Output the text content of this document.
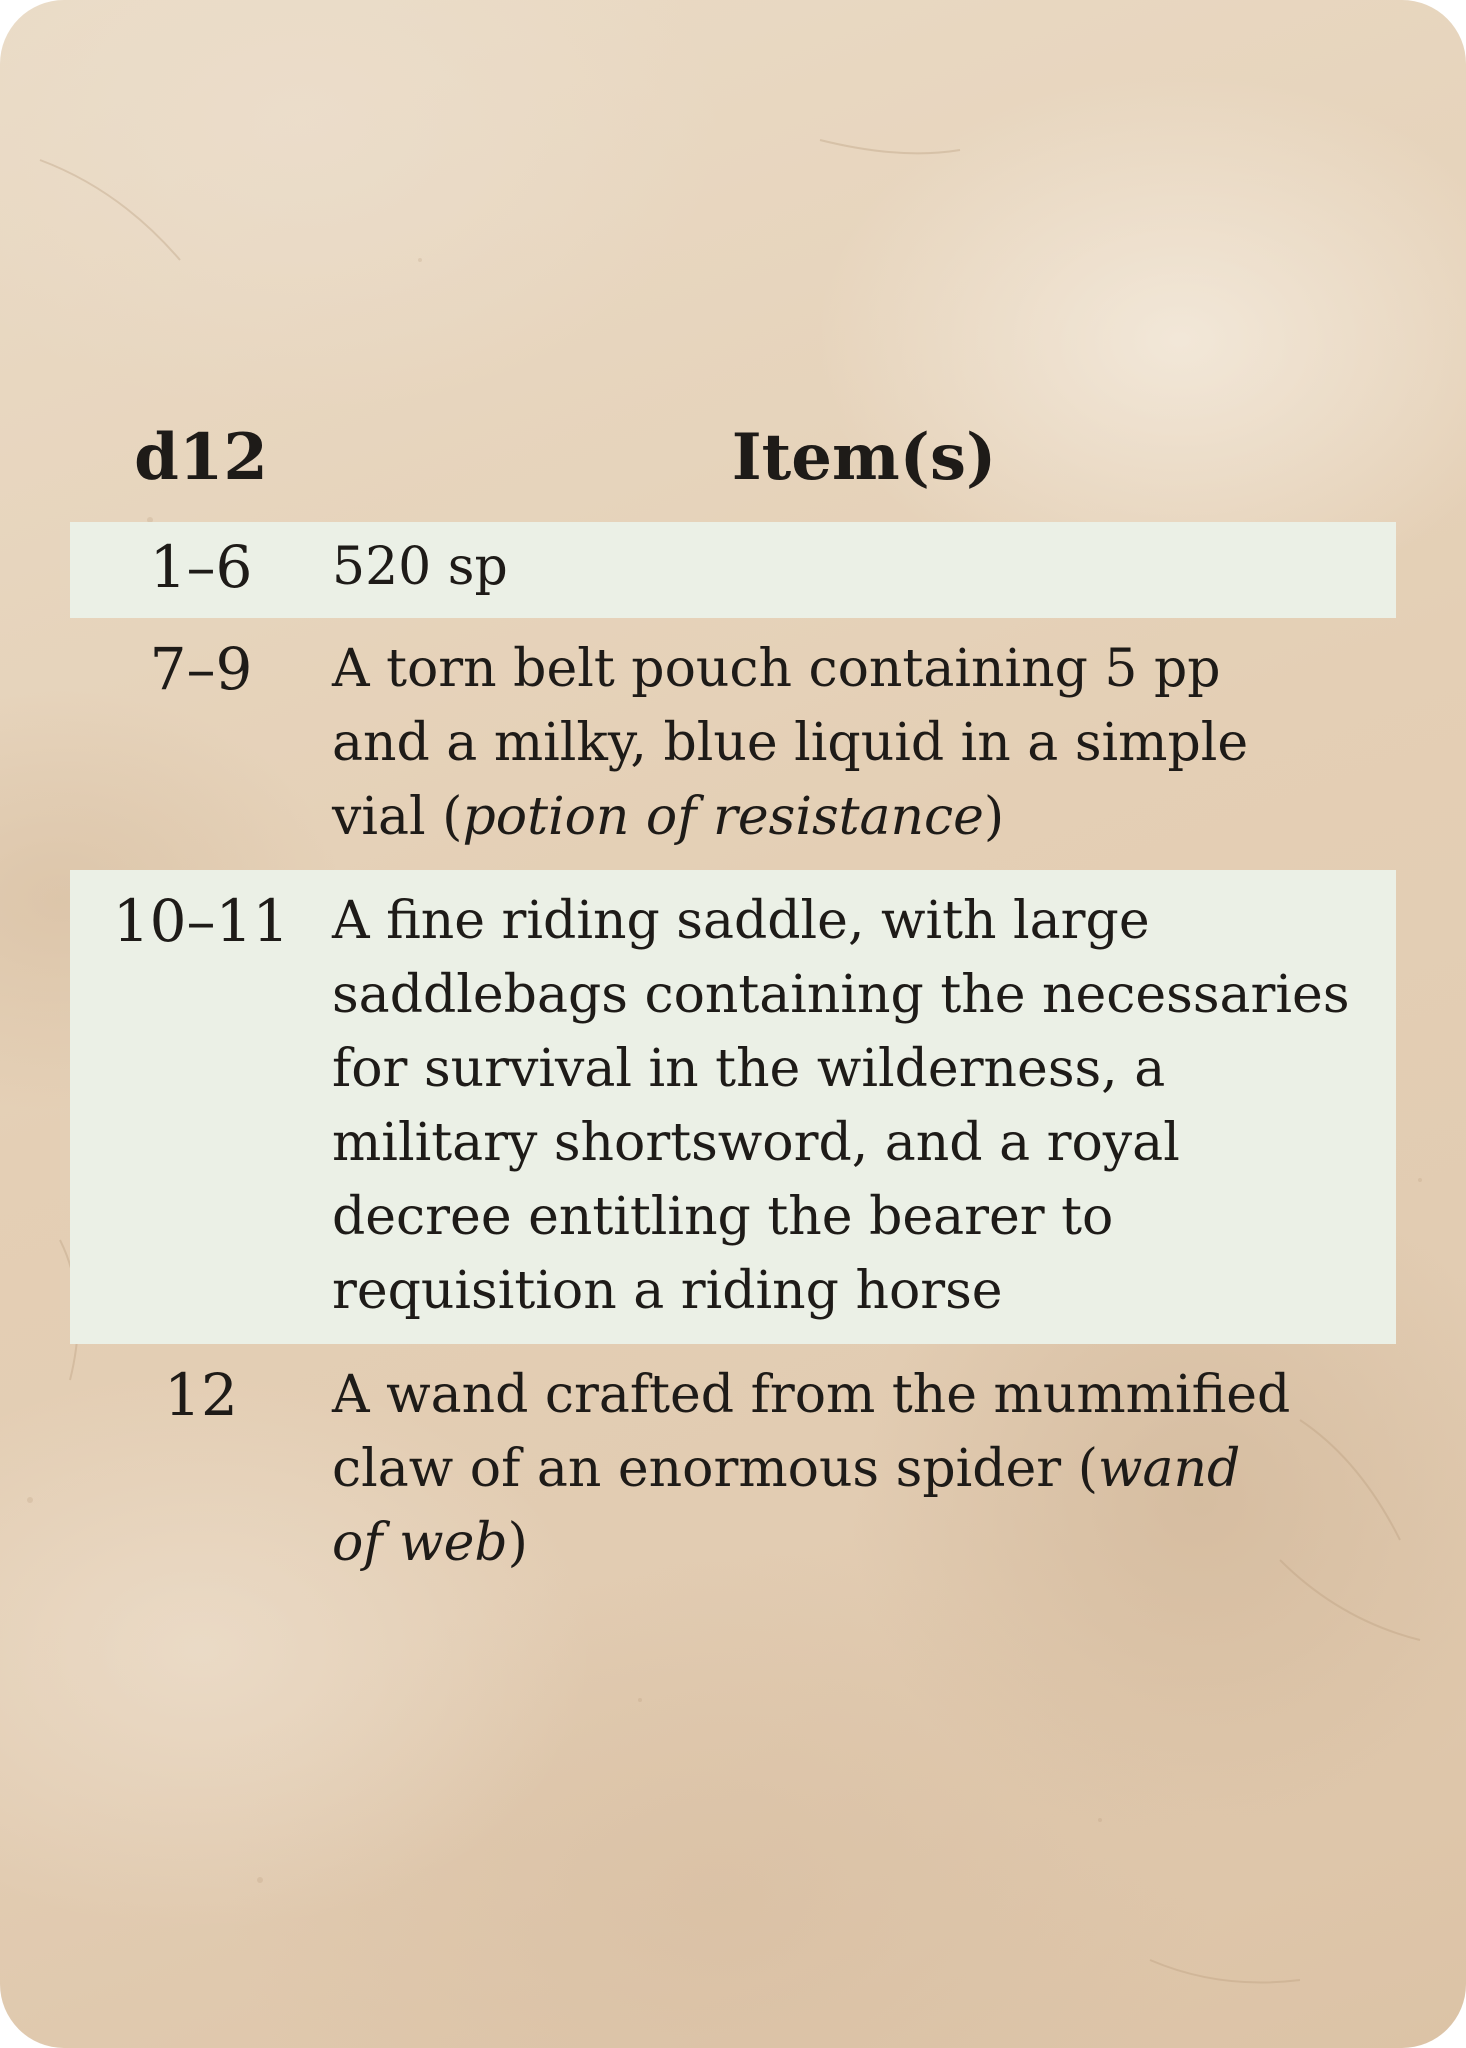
d12	Item(s)
1–6	520 sp
7–9	A torn belt pouch containing 5 pp
and a milky, blue liquid in a simple
vial (potion of resistance)
10–11 A fine riding saddle, with large
saddlebags containing the necessaries
for survival in the wilderness, a
military shortsword, and a royal
decree entitling the bearer to
requisition a riding horse
12	A wand crafted from the mummified
claw of an enormous spider (wand
of web)
